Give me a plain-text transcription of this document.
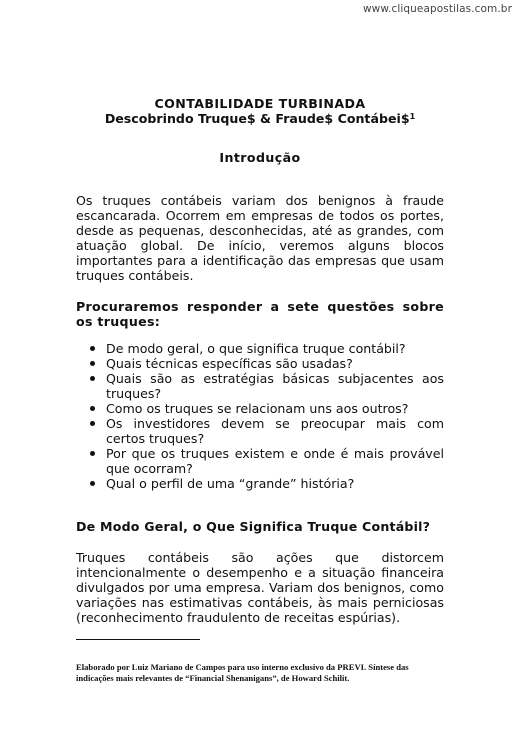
www.cliqueapostilas.com.br
CONTABILIDADE TURBINADA
Descobrindo Truque$ & Fraude$ Contábei\$$^1$
Introdução

Os truques contábeis variam dos benignos à fraude escancarada. Ocorrem em empresas de todos os portes, desde as pequenas, desconhecidas, até as grandes, com atuação global. De início, veremos alguns blocos importantes para a identificação das empresas que usam truques contábeis.

Procuraremos responder a sete questões sobre os truques:
De modo geral, o que significa truque contábil?
Quais técnicas específicas são usadas?
Quais são as estratégias básicas subjacentes aos truques?
Como os truques se relacionam uns aos outros?
Os investidores devem se preocupar mais com certos truques?
Por que os truques existem e onde é mais provável que ocorram?
Qual o perfil de uma “grande” história?
De Modo Geral, o Que Significa Truque Contábil?

Truques contábeis são ações que distorcem intencionalmente o desempenho e a situação financeira divulgados por uma empresa. Variam dos benignos, como variações nas estimativas contábeis, às mais perniciosas (reconhecimento fraudulento de receitas espúrias).

Elaborado por Luiz Mariano de Campos para uso interno exclusivo da PREVI. Síntese das indicações mais relevantes de “Financial Shenanigans”, de Howard Schilit.
